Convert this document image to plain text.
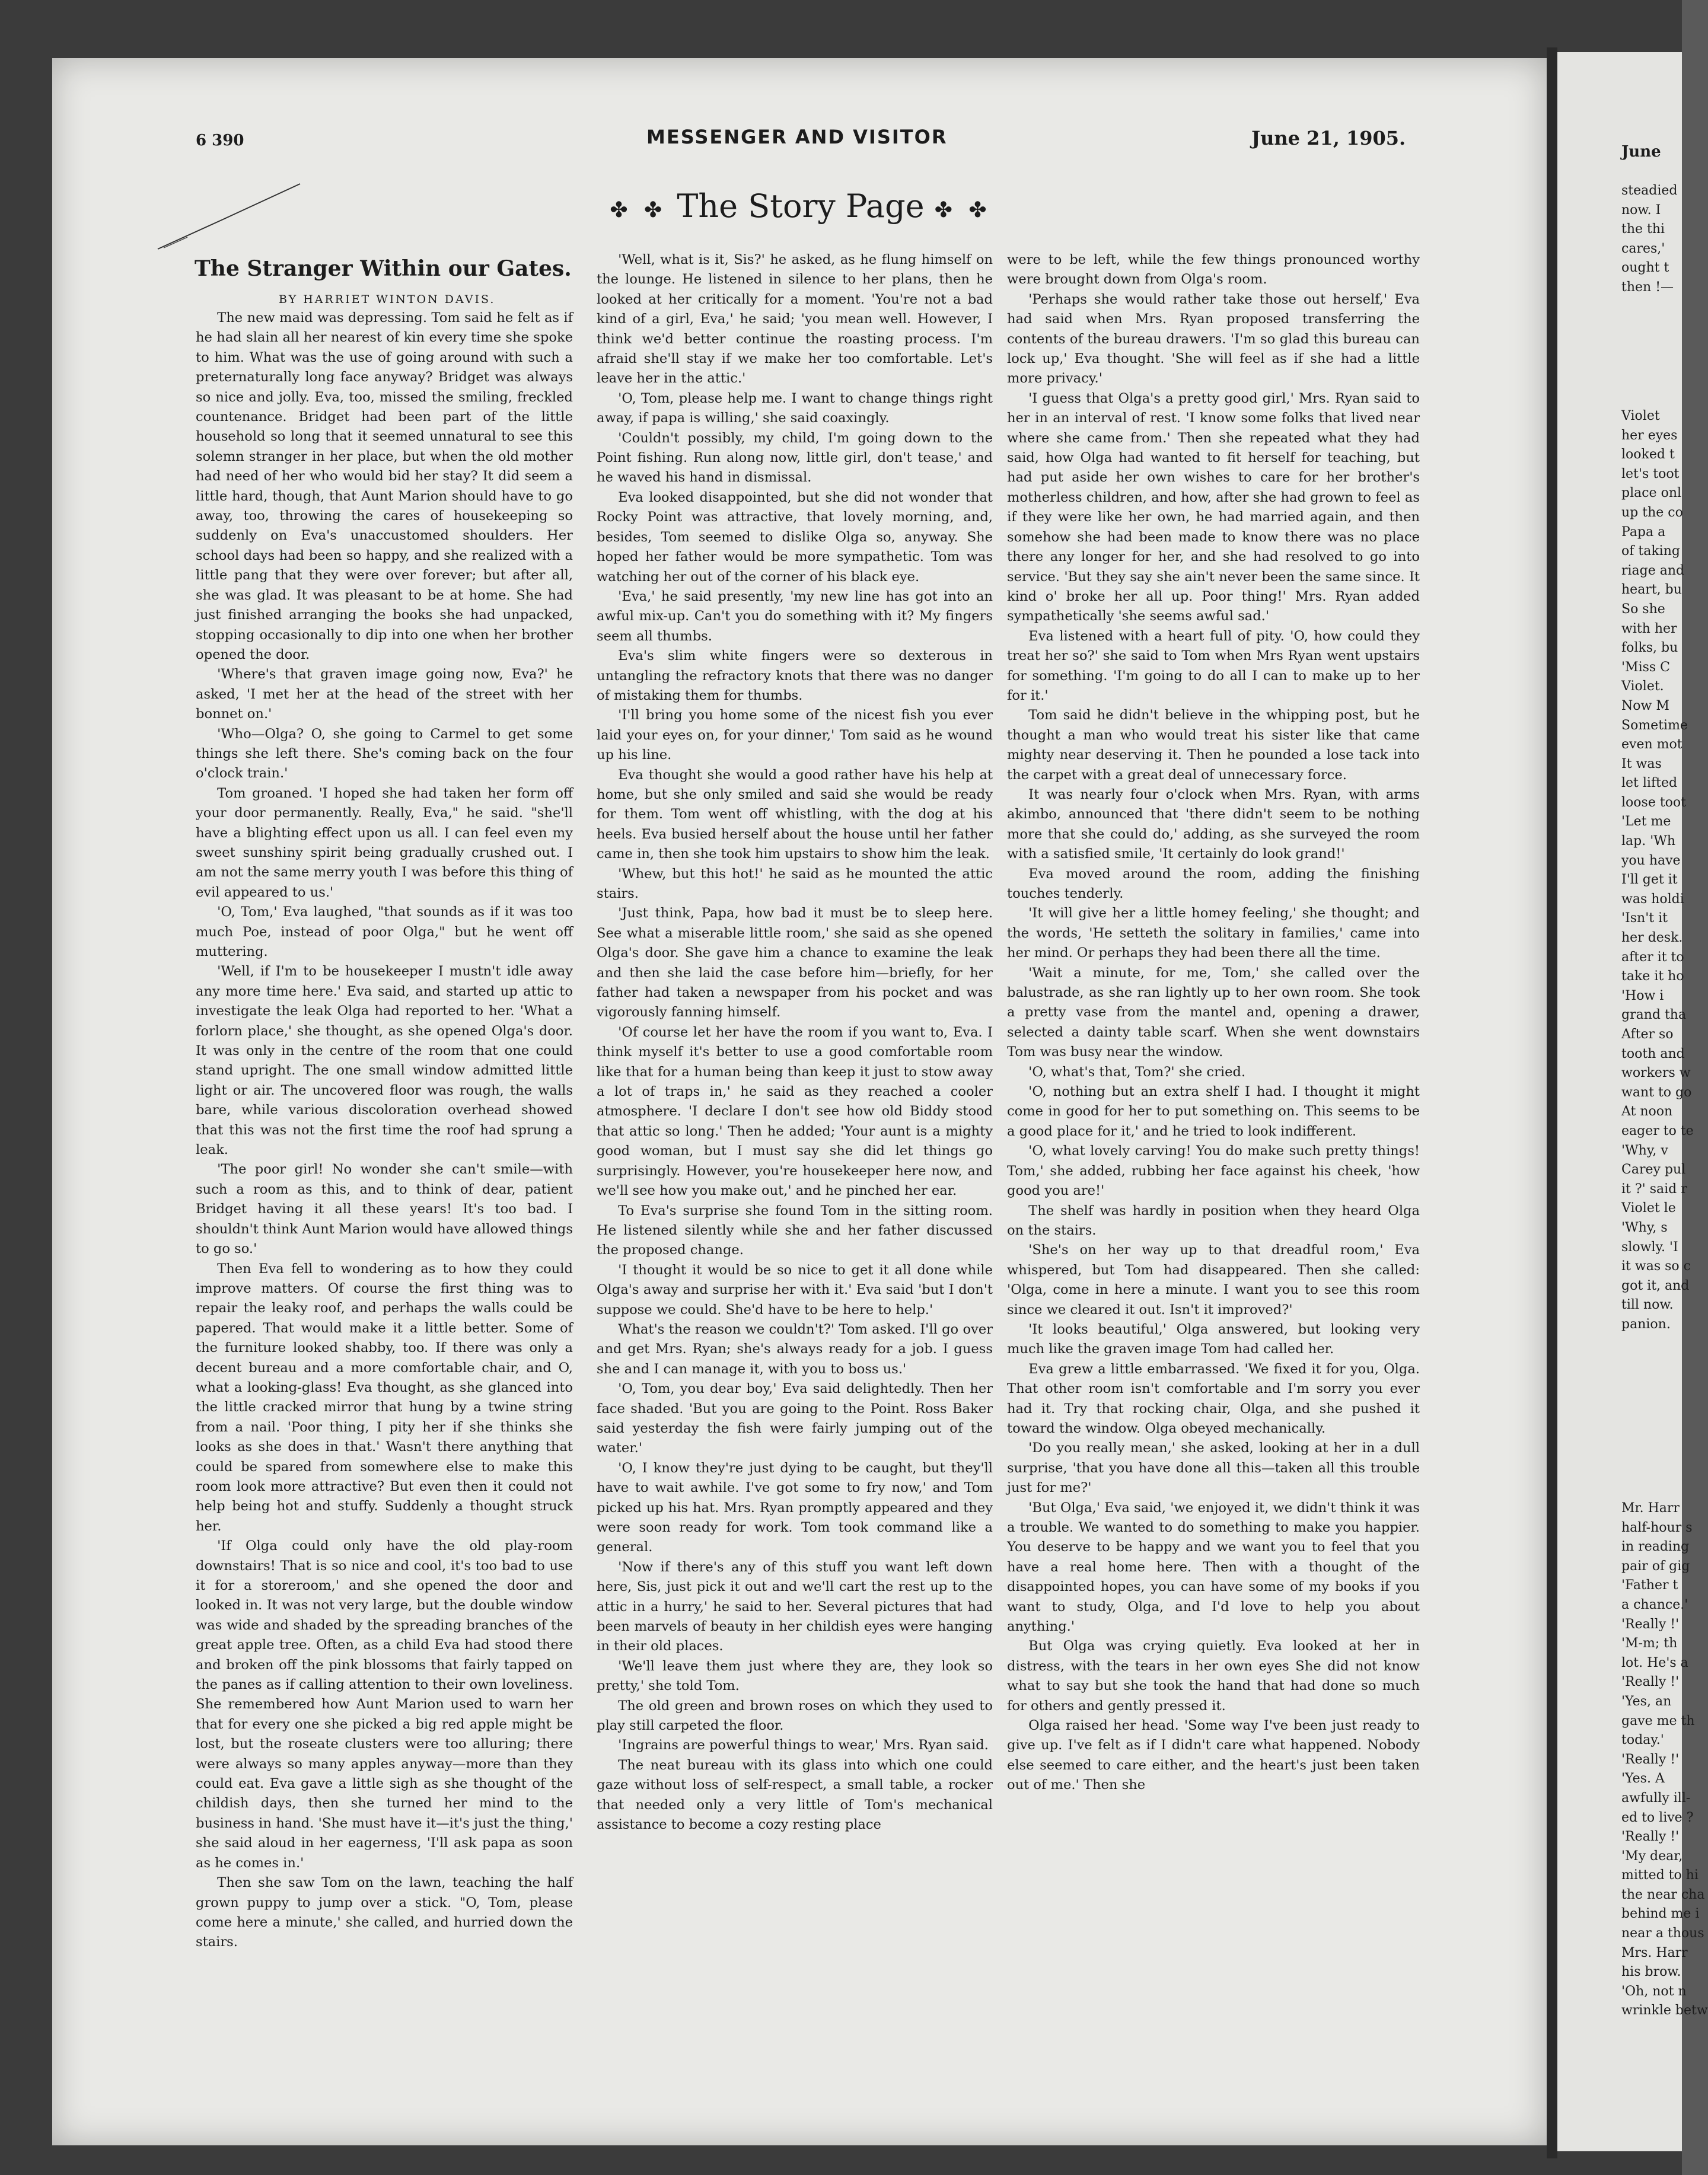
6 390	MESSENGER AND VISITOR	June 21, 1905.
✤ ✤ The Story Page ✤ ✤
The Stranger Within our Gates.
BY HARRIET WINTON DAVIS.

The new maid was depressing. Tom said he felt as if he had slain all her nearest of kin every time she spoke to him. What was the use of going around with such a preternaturally long face anyway? Bridget was always so nice and jolly. Eva, too, missed the smiling, freckled countenance. Bridget had been part of the little household so long that it seemed unnatural to see this solemn stranger in her place, but when the old mother had need of her who would bid her stay? It did seem a little hard, though, that Aunt Marion should have to go away, too, throwing the cares of housekeeping so suddenly on Eva's unaccustomed shoulders. Her school days had been so happy, and she realized with a little pang that they were over forever; but after all, she was glad. It was pleasant to be at home. She had just finished arranging the books she had unpacked, stopping occasionally to dip into one when her brother opened the door.

'Where's that graven image going now, Eva?' he asked, 'I met her at the head of the street with her bonnet on.'

'Who—Olga? O, she going to Carmel to get some things she left there. She's coming back on the four o'clock train.'

Tom groaned. 'I hoped she had taken her form off your door permanently. Really, Eva," he said. "she'll have a blighting effect upon us all. I can feel even my sweet sunshiny spirit being gradually crushed out. I am not the same merry youth I was before this thing of evil appeared to us.'

'O, Tom,' Eva laughed, "that sounds as if it was too much Poe, instead of poor Olga," but he went off muttering.

'Well, if I'm to be housekeeper I mustn't idle away any more time here.' Eva said, and started up attic to investigate the leak Olga had reported to her. 'What a forlorn place,' she thought, as she opened Olga's door. It was only in the centre of the room that one could stand upright. The one small window admitted little light or air. The uncovered floor was rough, the walls bare, while various discoloration overhead showed that this was not the first time the roof had sprung a leak.

'The poor girl! No wonder she can't smile—with such a room as this, and to think of dear, patient Bridget having it all these years! It's too bad. I shouldn't think Aunt Marion would have allowed things to go so.'

Then Eva fell to wondering as to how they could improve matters. Of course the first thing was to repair the leaky roof, and perhaps the walls could be papered. That would make it a little better. Some of the furniture looked shabby, too. If there was only a decent bureau and a more comfortable chair, and O, what a looking-glass! Eva thought, as she glanced into the little cracked mirror that hung by a twine string from a nail. 'Poor thing, I pity her if she thinks she looks as she does in that.' Wasn't there anything that could be spared from somewhere else to make this room look more attractive? But even then it could not help being hot and stuffy. Suddenly a thought struck her.

'If Olga could only have the old play-room downstairs! That is so nice and cool, it's too bad to use it for a storeroom,' and she opened the door and looked in. It was not very large, but the double window was wide and shaded by the spreading branches of the great apple tree. Often, as a child Eva had stood there and broken off the pink blossoms that fairly tapped on the panes as if calling attention to their own loveliness. She remembered how Aunt Marion used to warn her that for every one she picked a big red apple might be lost, but the roseate clusters were too alluring; there were always so many apples anyway—more than they could eat. Eva gave a little sigh as she thought of the childish days, then she turned her mind to the business in hand. 'She must have it—it's just the thing,' she said aloud in her eagerness, 'I'll ask papa as soon as he comes in.'

Then she saw Tom on the lawn, teaching the half grown puppy to jump over a stick. "O, Tom, please come here a minute,' she called, and hurried down the stairs.

'Well, what is it, Sis?' he asked, as he flung himself on the lounge. He listened in silence to her plans, then he looked at her critically for a moment. 'You're not a bad kind of a girl, Eva,' he said; 'you mean well. However, I think we'd better continue the roasting process. I'm afraid she'll stay if we make her too comfortable. Let's leave her in the attic.'

'O, Tom, please help me. I want to change things right away, if papa is willing,' she said coaxingly.

'Couldn't possibly, my child, I'm going down to the Point fishing. Run along now, little girl, don't tease,' and he waved his hand in dismissal.

Eva looked disappointed, but she did not wonder that Rocky Point was attractive, that lovely morning, and, besides, Tom seemed to dislike Olga so, anyway. She hoped her father would be more sympathetic. Tom was watching her out of the corner of his black eye.

'Eva,' he said presently, 'my new line has got into an awful mix-up. Can't you do something with it? My fingers seem all thumbs.

Eva's slim white fingers were so dexterous in untangling the refractory knots that there was no danger of mistaking them for thumbs.

'I'll bring you home some of the nicest fish you ever laid your eyes on, for your dinner,' Tom said as he wound up his line.

Eva thought she would a good rather have his help at home, but she only smiled and said she would be ready for them. Tom went off whistling, with the dog at his heels. Eva busied herself about the house until her father came in, then she took him upstairs to show him the leak.

'Whew, but this hot!' he said as he mounted the attic stairs.

'Just think, Papa, how bad it must be to sleep here. See what a miserable little room,' she said as she opened Olga's door. She gave him a chance to examine the leak and then she laid the case before him—briefly, for her father had taken a newspaper from his pocket and was vigorously fanning himself.

'Of course let her have the room if you want to, Eva. I think myself it's better to use a good comfortable room like that for a human being than keep it just to stow away a lot of traps in,' he said as they reached a cooler atmosphere. 'I declare I don't see how old Biddy stood that attic so long.' Then he added; 'Your aunt is a mighty good woman, but I must say she did let things go surprisingly. However, you're housekeeper here now, and we'll see how you make out,' and he pinched her ear.

To Eva's surprise she found Tom in the sitting room. He listened silently while she and her father discussed the proposed change.

'I thought it would be so nice to get it all done while Olga's away and surprise her with it.' Eva said 'but I don't suppose we could. She'd have to be here to help.'

What's the reason we couldn't?' Tom asked. I'll go over and get Mrs. Ryan; she's always ready for a job. I guess she and I can manage it, with you to boss us.'

'O, Tom, you dear boy,' Eva said delightedly. Then her face shaded. 'But you are going to the Point. Ross Baker said yesterday the fish were fairly jumping out of the water.'

'O, I know they're just dying to be caught, but they'll have to wait awhile. I've got some to fry now,' and Tom picked up his hat. Mrs. Ryan promptly appeared and they were soon ready for work. Tom took command like a general.

'Now if there's any of this stuff you want left down here, Sis, just pick it out and we'll cart the rest up to the attic in a hurry,' he said to her. Several pictures that had been marvels of beauty in her childish eyes were hanging in their old places.

'We'll leave them just where they are, they look so pretty,' she told Tom.

The old green and brown roses on which they used to play still carpeted the floor.

'Ingrains are powerful things to wear,' Mrs. Ryan said.

The neat bureau with its glass into which one could gaze without loss of self-respect, a small table, a rocker that needed only a very little of Tom's mechanical assistance to become a cozy resting place

were to be left, while the few things pronounced worthy were brought down from Olga's room.

'Perhaps she would rather take those out herself,' Eva had said when Mrs. Ryan proposed transferring the contents of the bureau drawers. 'I'm so glad this bureau can lock up,' Eva thought. 'She will feel as if she had a little more privacy.'

'I guess that Olga's a pretty good girl,' Mrs. Ryan said to her in an interval of rest. 'I know some folks that lived near where she came from.' Then she repeated what they had said, how Olga had wanted to fit herself for teaching, but had put aside her own wishes to care for her brother's motherless children, and how, after she had grown to feel as if they were like her own, he had married again, and then somehow she had been made to know there was no place there any longer for her, and she had resolved to go into service. 'But they say she ain't never been the same since. It kind o' broke her all up. Poor thing!' Mrs. Ryan added sympathetically 'she seems awful sad.'

Eva listened with a heart full of pity. 'O, how could they treat her so?' she said to Tom when Mrs Ryan went upstairs for something. 'I'm going to do all I can to make up to her for it.'

Tom said he didn't believe in the whipping post, but he thought a man who would treat his sister like that came mighty near deserving it. Then he pounded a lose tack into the carpet with a great deal of unnecessary force.

It was nearly four o'clock when Mrs. Ryan, with arms akimbo, announced that 'there didn't seem to be nothing more that she could do,' adding, as she surveyed the room with a satisfied smile, 'It certainly do look grand!'

Eva moved around the room, adding the finishing touches tenderly.

'It will give her a little homey feeling,' she thought; and the words, 'He setteth the solitary in families,' came into her mind. Or perhaps they had been there all the time.

'Wait a minute, for me, Tom,' she called over the balustrade, as she ran lightly up to her own room. She took a pretty vase from the mantel and, opening a drawer, selected a dainty table scarf. When she went downstairs Tom was busy near the window.

'O, what's that, Tom?' she cried.

'O, nothing but an extra shelf I had. I thought it might come in good for her to put something on. This seems to be a good place for it,' and he tried to look indifferent.

'O, what lovely carving! You do make such pretty things! Tom,' she added, rubbing her face against his cheek, 'how good you are!'

The shelf was hardly in position when they heard Olga on the stairs.

'She's on her way up to that dreadful room,' Eva whispered, but Tom had disappeared. Then she called: 'Olga, come in here a minute. I want you to see this room since we cleared it out. Isn't it improved?'

'It looks beautiful,' Olga answered, but looking very much like the graven image Tom had called her.

Eva grew a little embarrassed. 'We fixed it for you, Olga. That other room isn't comfortable and I'm sorry you ever had it. Try that rocking chair, Olga, and she pushed it toward the window. Olga obeyed mechanically.

'Do you really mean,' she asked, looking at her in a dull surprise, 'that you have done all this—taken all this trouble just for me?'

'But Olga,' Eva said, 'we enjoyed it, we didn't think it was a trouble. We wanted to do something to make you happier. You deserve to be happy and we want you to feel that you have a real home here. Then with a thought of the disappointed hopes, you can have some of my books if you want to study, Olga, and I'd love to help you about anything.'

But Olga was crying quietly. Eva looked at her in distress, with the tears in her own eyes She did not know what to say but she took the hand that had done so much for others and gently pressed it.

Olga raised her head. 'Some way I've been just ready to give up. I've felt as if I didn't care what happened. Nobody else seemed to care either, and the heart's just been taken out of me.' Then she

June
steadied
now. I
the thi
cares,'
ought t
then !—
Violet
her eyes
looked t
let's toot
place onl
up the co
Papa a
of taking
riage and
heart, bu
So she
with her
folks, bu
'Miss C
Violet.
Now M
Sometime
even mot
It was
let lifted
loose toot
'Let me
lap. 'Wh
you have
I'll get it
was holdi
'Isn't it
her desk.
after it to
take it ho
'How i
grand tha
After so
tooth and
workers w
want to go
At noon
eager to te
'Why, v
Carey pul
it ?' said r
Violet le
'Why, s
slowly. 'I
it was so c
got it, and
till now.
panion.
Mr. Harr
half-hour s
in reading
pair of gig
'Father t
a chance.'
'Really !'
'M-m; th
lot. He's a
'Really !'
'Yes, an
gave me th
today.'
'Really !'
'Yes. A
awfully ill-
ed to live ?
'Really !'
'My dear,
mitted to hi
the near cha
behind me i
near a thous
Mrs. Harr
his brow.
'Oh, not n
wrinkle betw
